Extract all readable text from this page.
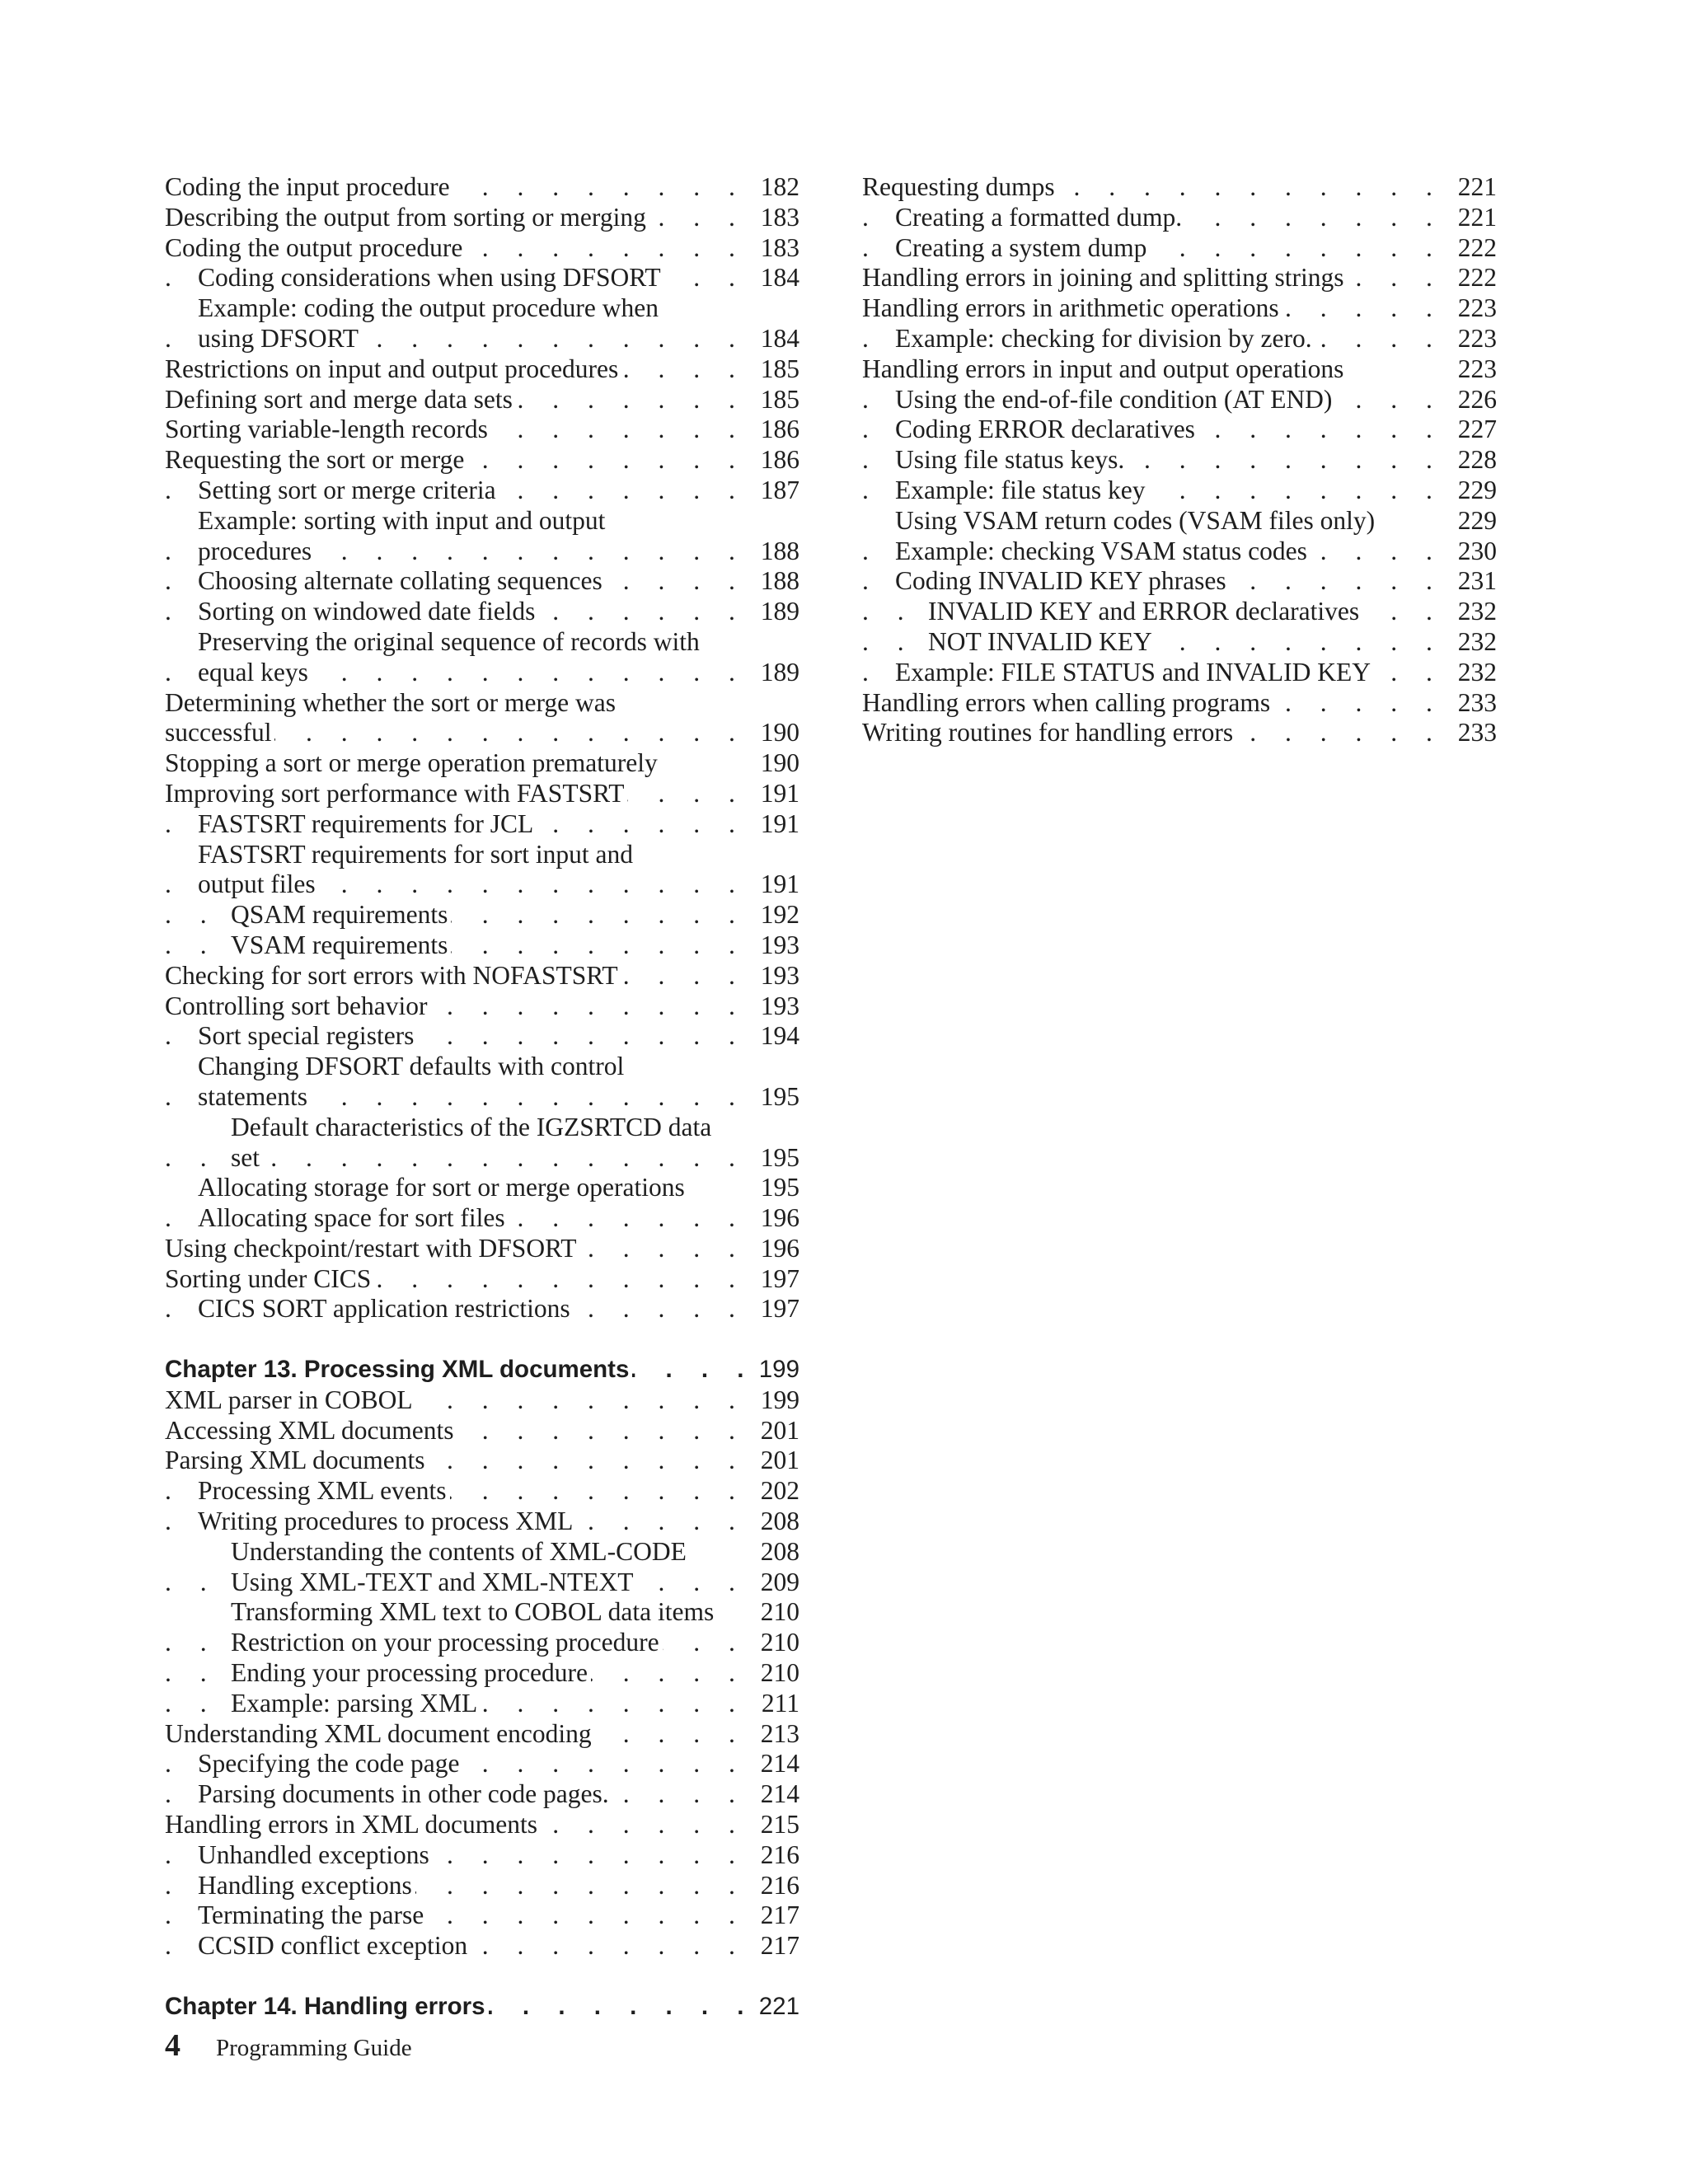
. . .
Coding the input procedure	182
. . .
Describing the output from sorting or merging	183
. . .
Coding the output procedure	183
. . .
Coding considerations when using DFSORT	184
Example: coding the output procedure when
. . .
using DFSORT	184
. . .
Restrictions on input and output procedures	185
. . .
Defining sort and merge data sets	185
. . .
Sorting variable-length records	186
. . .
Requesting the sort or merge	186
. . .
Setting sort or merge criteria	187
Example: sorting with input and output
. . .
procedures	188
. . .
Choosing alternate collating sequences	188
. . .
Sorting on windowed date fields	189
Preserving the original sequence of records with
. . .
equal keys	189
Determining whether the sort or merge was
. . .
successful	190
Stopping a sort or merge operation prematurely	190
. . .
Improving sort performance with FASTSRT	191
. . .
FASTSRT requirements for JCL	191
FASTSRT requirements for sort input and
. . .
output files	191
. . .
QSAM requirements	192
. . .
VSAM requirements	193
. . .
Checking for sort errors with NOFASTSRT	193
. . .
Controlling sort behavior	193
. . .
Sort special registers	194
Changing DFSORT defaults with control
. . .
statements	195
Default characteristics of the IGZSRTCD data
. . .
set	195
Allocating storage for sort or merge operations	195
. . .
Allocating space for sort files	196
. . .
Using checkpoint/restart with DFSORT	196
. . .
Sorting under CICS	197
. . .
CICS SORT application restrictions	197
. . .
Chapter 13. Processing XML documents	199
. . .
XML parser in COBOL	199
. . .
Accessing XML documents	201
. . .
Parsing XML documents	201
. . .
Processing XML events	202
. . .
Writing procedures to process XML	208
Understanding the contents of XML-CODE	208
. . .
Using XML-TEXT and XML-NTEXT	209
Transforming XML text to COBOL data items 210
. . .
Restriction on your processing procedure	210
. . .
Ending your processing procedure	210
. . .
Example: parsing XML	211
. . .
Understanding XML document encoding	213
. . .
Specifying the code page	214
. . .
Parsing documents in other code pages.	214
. . .
Handling errors in XML documents	215
. . .
Unhandled exceptions	216
. . .
Handling exceptions	216
. . .
Terminating the parse	217
. . .
CCSID conflict exception	217
. . .
Chapter 14. Handling errors	221
. . .
Requesting dumps	221
. . .
Creating a formatted dump.	221
. . .
Creating a system dump	222
. . .
Handling errors in joining and splitting strings	222
. . .
Handling errors in arithmetic operations	223
. . .
Example: checking for division by zero.	223
Handling errors in input and output operations	223
. . .
Using the end-of-file condition (AT END)	226
. . .
Coding ERROR declaratives	227
. . .
Using file status keys.	228
. . .
Example: file status key	229
Using VSAM return codes (VSAM files only)	229
. . .
Example: checking VSAM status codes	230
. . .
Coding INVALID KEY phrases	231
. . .
INVALID KEY and ERROR declaratives	232
. . .
NOT INVALID KEY	232
. . .
Example: FILE STATUS and INVALID KEY	232
. . .
Handling errors when calling programs	233
. . .
Writing routines for handling errors	233
4 Programming Guide
